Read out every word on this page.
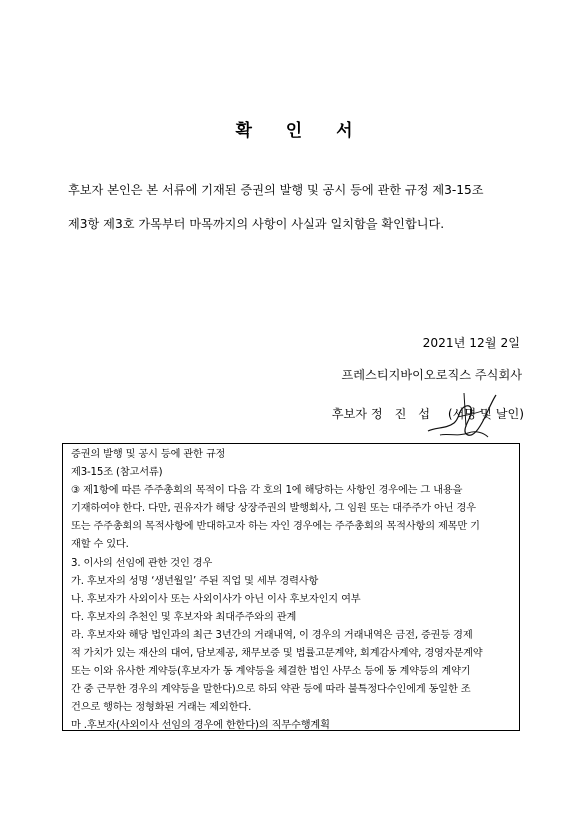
확 인 서
후보자 본인은 본 서류에 기재된 증권의 발행 및 공시 등에 관한 규정 제3-15조
제3항 제3호 가목부터 마목까지의 사항이 사실과 일치함을 확인합니다.
2021년 12월 2일
프레스티지바이오로직스 주식회사
후보자 정 진 섭 (서명 및 날인)
증권의 발행 및 공시 등에 관한 규정
제3-15조 (참고서류)
③ 제1항에 따른 주주총회의 목적이 다음 각 호의 1에 해당하는 사항인 경우에는 그 내용을
기재하여야 한다. 다만, 권유자가 해당 상장주권의 발행회사, 그 임원 또는 대주주가 아닌 경우
또는 주주총회의 목적사항에 반대하고자 하는 자인 경우에는 주주총회의 목적사항의 제목만 기
재할 수 있다.
3. 이사의 선임에 관한 것인 경우
가. 후보자의 성명 ‘생년월일’ 주된 직업 및 세부 경력사항
나. 후보자가 사외이사 또는 사외이사가 아닌 이사 후보자인지 여부
다. 후보자의 추천인 및 후보자와 최대주주와의 관계
라. 후보자와 해당 법인과의 최근 3년간의 거래내역, 이 경우의 거래내역은 금전, 증권등 경제
적 가치가 있는 재산의 대여, 담보제공, 채무보증 및 법률고문계약, 회계감사계약, 경영자문계약
또는 이와 유사한 계약등(후보자가 동 계약등을 체결한 법인 사무소 등에 동 계약등의 계약기
간 중 근무한 경우의 계약등을 말한다)으로 하되 약관 등에 따라 불특정다수인에게 동일한 조
건으로 행하는 정형화된 거래는 제외한다.
마 .후보자(사외이사 선임의 경우에 한한다)의 직무수행계획
